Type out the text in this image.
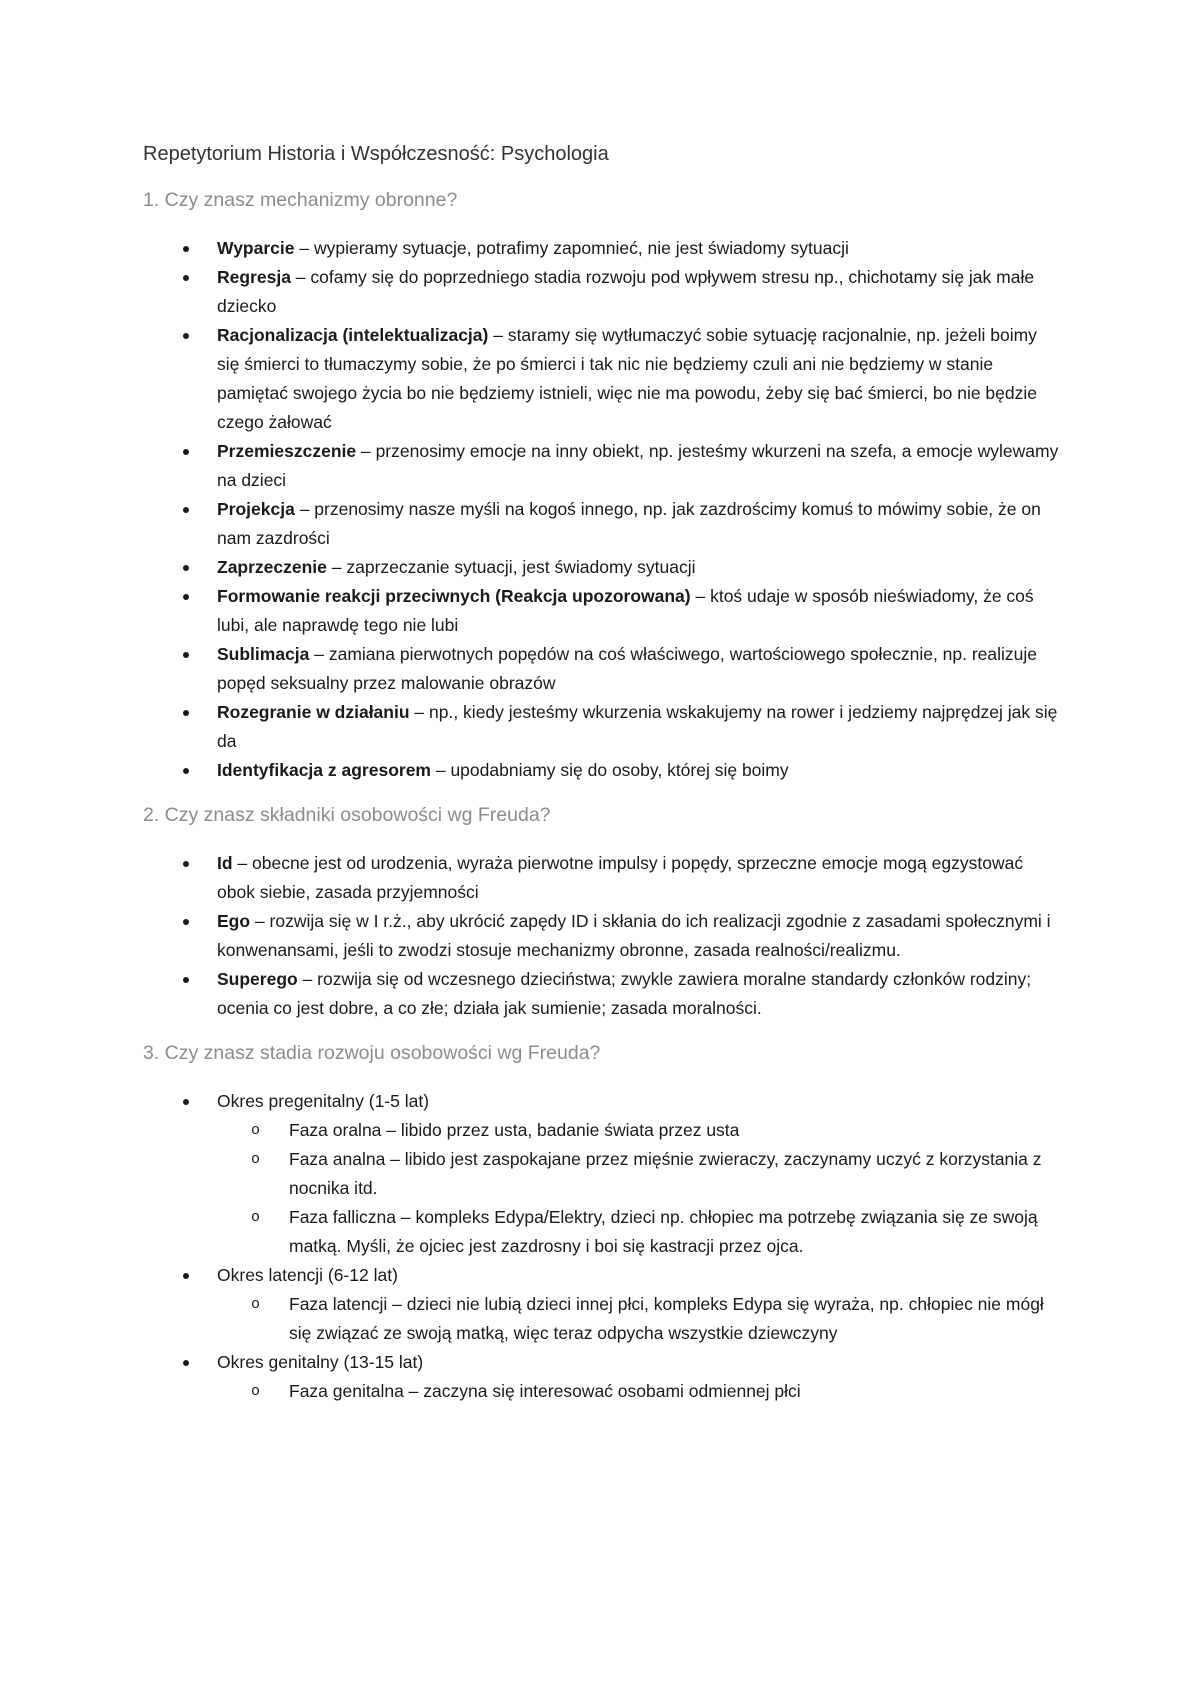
Repetytorium Historia i Współczesność: Psychologia
1. Czy znasz mechanizmy obronne?
Wyparcie – wypieramy sytuacje, potrafimy zapomnieć, nie jest świadomy sytuacji
Regresja – cofamy się do poprzedniego stadia rozwoju pod wpływem stresu np., chichotamy się jak małe dziecko
Racjonalizacja (intelektualizacja) – staramy się wytłumaczyć sobie sytuację racjonalnie, np. jeżeli boimy się śmierci to tłumaczymy sobie, że po śmierci i tak nic nie będziemy czuli ani nie będziemy w stanie pamiętać swojego życia bo nie będziemy istnieli, więc nie ma powodu, żeby się bać śmierci, bo nie będzie czego żałować
Przemieszczenie – przenosimy emocje na inny obiekt, np. jesteśmy wkurzeni na szefa, a emocje wylewamy na dzieci
Projekcja – przenosimy nasze myśli na kogoś innego, np. jak zazdrościmy komuś to mówimy sobie, że on nam zazdrości
Zaprzeczenie – zaprzeczanie sytuacji, jest świadomy sytuacji
Formowanie reakcji przeciwnych (Reakcja upozorowana) – ktoś udaje w sposób nieświadomy, że coś lubi, ale naprawdę tego nie lubi
Sublimacja – zamiana pierwotnych popędów na coś właściwego, wartościowego społecznie, np. realizuje popęd seksualny przez malowanie obrazów
Rozegranie w działaniu – np., kiedy jesteśmy wkurzenia wskakujemy na rower i jedziemy najprędzej jak się da
Identyfikacja z agresorem – upodabniamy się do osoby, której się boimy
2. Czy znasz składniki osobowości wg Freuda?
Id – obecne jest od urodzenia, wyraża pierwotne impulsy i popędy, sprzeczne emocje mogą egzystować obok siebie, zasada przyjemności
Ego – rozwija się w I r.ż., aby ukrócić zapędy ID i skłania do ich realizacji zgodnie z zasadami społecznymi i konwenansami, jeśli to zwodzi stosuje mechanizmy obronne, zasada realności/realizmu.
Superego – rozwija się od wczesnego dzieciństwa; zwykle zawiera moralne standardy członków rodziny; ocenia co jest dobre, a co złe; działa jak sumienie; zasada moralności.
3. Czy znasz stadia rozwoju osobowości wg Freuda?
Okres pregenitalny (1-5 lat)
o Faza oralna – libido przez usta, badanie świata przez usta
o Faza analna – libido jest zaspokajane przez mięśnie zwieraczy, zaczynamy uczyć z korzystania z nocnika itd.
o Faza falliczna – kompleks Edypa/Elektry, dzieci np. chłopiec ma potrzebę związania się ze swoją matką. Myśli, że ojciec jest zazdrosny i boi się kastracji przez ojca.
Okres latencji (6-12 lat)
o Faza latencji – dzieci nie lubią dzieci innej płci, kompleks Edypa się wyraża, np. chłopiec nie mógł się związać ze swoją matką, więc teraz odpycha wszystkie dziewczyny
Okres genitalny (13-15 lat)
o Faza genitalna – zaczyna się interesować osobami odmiennej płci
